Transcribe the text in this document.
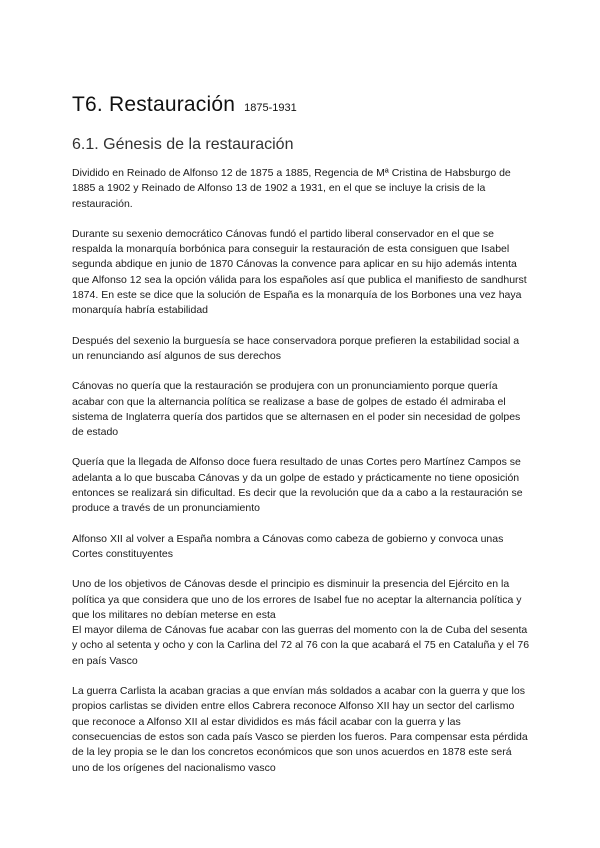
T6. Restauración 1875-1931
6.1. Génesis de la restauración

Dividido en Reinado de Alfonso 12 de 1875 a 1885, Regencia de Mª Cristina de Habsburgo de 1885 a 1902 y Reinado de Alfonso 13 de 1902 a 1931, en el que se incluye la crisis de la restauración.

Durante su sexenio democrático Cánovas fundó el partido liberal conservador en el que se respalda la monarquía borbónica para conseguir la restauración de esta consiguen que Isabel segunda abdique en junio de 1870 Cánovas la convence para aplicar en su hijo además intenta que Alfonso 12 sea la opción válida para los españoles así que publica el manifiesto de sandhurst 1874. En este se dice que la solución de España es la monarquía de los Borbones una vez haya monarquía habría estabilidad

Después del sexenio la burguesía se hace conservadora porque prefieren la estabilidad social a un renunciando así algunos de sus derechos

Cánovas no quería que la restauración se produjera con un pronunciamiento porque quería acabar con que la alternancia política se realizase a base de golpes de estado él admiraba el sistema de Inglaterra quería dos partidos que se alternasen en el poder sin necesidad de golpes de estado

Quería que la llegada de Alfonso doce fuera resultado de unas Cortes pero Martínez Campos se adelanta a lo que buscaba Cánovas y da un golpe de estado y prácticamente no tiene oposición entonces se realizará sin dificultad. Es decir que la revolución que da a cabo a la restauración se produce a través de un pronunciamiento

Alfonso XII al volver a España nombra a Cánovas como cabeza de gobierno y convoca unas Cortes constituyentes

Uno de los objetivos de Cánovas desde el principio es disminuir la presencia del Ejército en la política ya que considera que uno de los errores de Isabel fue no aceptar la alternancia política y que los militares no debían meterse en esta

El mayor dilema de Cánovas fue acabar con las guerras del momento con la de Cuba del sesenta y ocho al setenta y ocho y con la Carlina del 72 al 76 con la que acabará el 75 en Cataluña y el 76 en país Vasco

La guerra Carlista la acaban gracias a que envían más soldados a acabar con la guerra y que los propios carlistas se dividen entre ellos Cabrera reconoce Alfonso XII hay un sector del carlismo que reconoce a Alfonso XII al estar divididos es más fácil acabar con la guerra y las consecuencias de estos son cada país Vasco se pierden los fueros. Para compensar esta pérdida de la ley propia se le dan los concretos económicos que son unos acuerdos en 1878 este será uno de los orígenes del nacionalismo vasco
